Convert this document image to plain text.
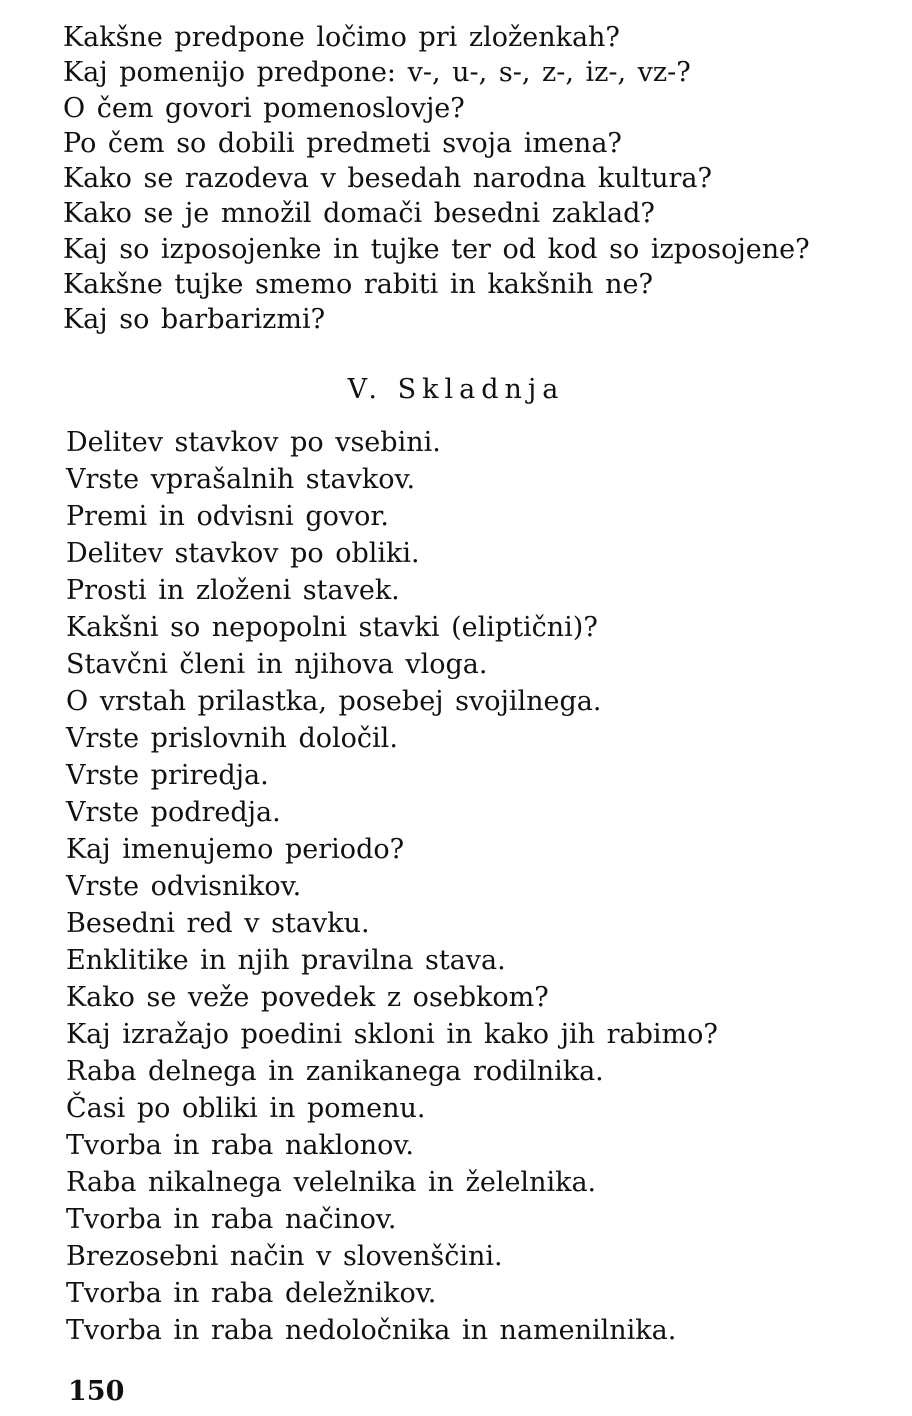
Kakšne predpone ločimo pri zloženkah?
Kaj pomenijo predpone: v-, u-, s-, z-, iz-, vz-?
O čem govori pomenoslovje?
Po čem so dobili predmeti svoja imena?
Kako se razodeva v besedah narodna kultura?
Kako se je množil domači besedni zaklad?
Kaj so izposojenke in tujke ter od kod so izposojene?
Kakšne tujke smemo rabiti in kakšnih ne?
Kaj so barbarizmi?
V. Skladnja
Delitev stavkov po vsebini.
Vrste vprašalnih stavkov.
Premi in odvisni govor.
Delitev stavkov po obliki.
Prosti in zloženi stavek.
Kakšni so nepopolni stavki (eliptični)?
Stavčni členi in njihova vloga.
O vrstah prilastka, posebej svojilnega.
Vrste prislovnih določil.
Vrste priredja.
Vrste podredja.
Kaj imenujemo periodo?
Vrste odvisnikov.
Besedni red v stavku.
Enklitike in njih pravilna stava.
Kako se veže povedek z osebkom?
Kaj izražajo poedini skloni in kako jih rabimo?
Raba delnega in zanikanega rodilnika.
Časi po obliki in pomenu.
Tvorba in raba naklonov.
Raba nikalnega velelnika in želelnika.
Tvorba in raba načinov.
Brezosebni način v slovenščini.
Tvorba in raba deležnikov.
Tvorba in raba nedoločnika in namenilnika.
150
